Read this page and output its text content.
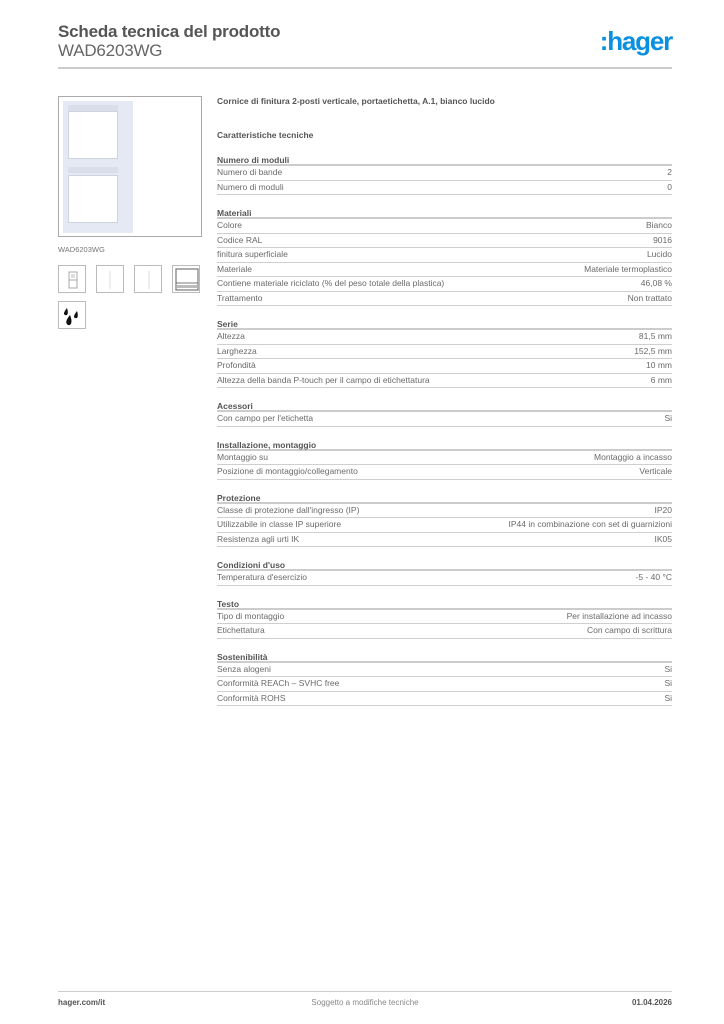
Scheda tecnica del prodotto
WAD6203WG	:hager
WAD6203WG
Cornice di finitura 2-posti verticale, portaetichetta, A.1, bianco lucido
Caratteristiche tecniche
Numero di moduli
Numero di bande	2
Numero di moduli	0
Materiali
Colore	Bianco
Codice RAL	9016
finitura superficiale	Lucido
Materiale	Materiale termoplastico
Contiene materiale riciclato (% del peso totale della plastica)	46,08 %
Trattamento	Non trattato
Serie
Altezza	81,5 mm
Larghezza	152,5 mm
Profondità	10 mm
Altezza della banda P-touch per il campo di etichettatura	6 mm
Acessori
Con campo per l'etichetta	Si
Installazione, montaggio
Montaggio su	Montaggio a incasso
Posizione di montaggio/collegamento	Verticale
Protezione
Classe di protezione dall'ingresso (IP)	IP20
Utilizzabile in classe IP superiore	IP44 in combinazione con set di guarnizioni
Resistenza agli urti IK	IK05
Condizioni d'uso
Temperatura d'esercizio	-5 - 40 °C
Testo
Tipo di montaggio	Per installazione ad incasso
Etichettatura	Con campo di scrittura
Sostenibilità
Senza alogeni	Si
Conformità REACh – SVHC free	Si
Conformità ROHS	Si
hager.com/it	Soggetto a modifiche tecniche	01.04.2026
